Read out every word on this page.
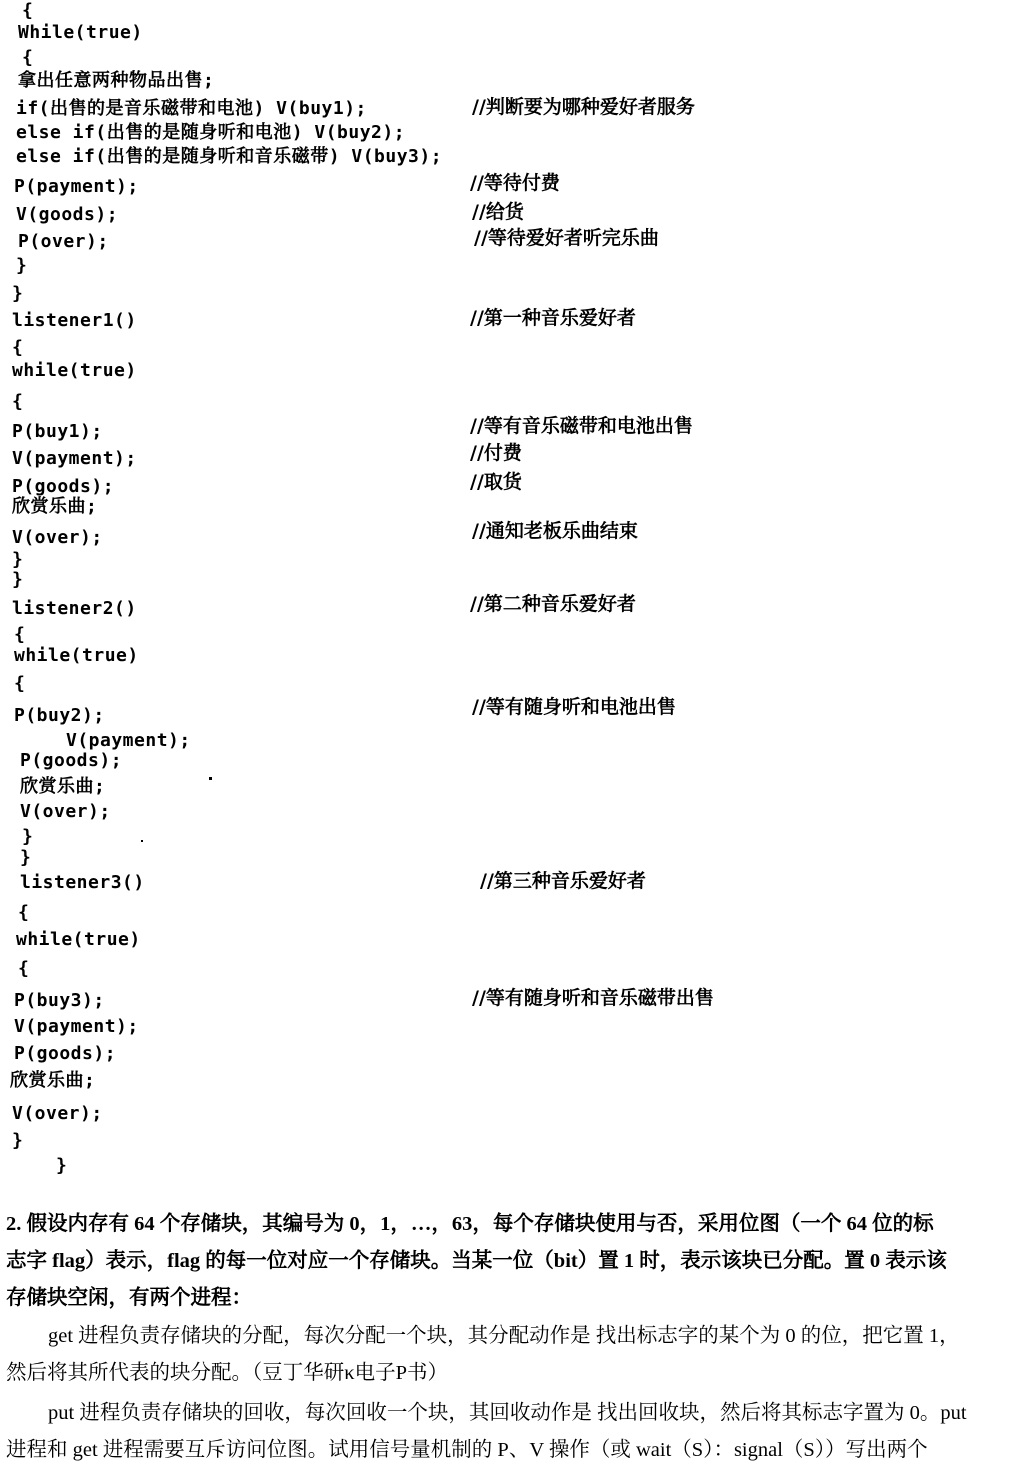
{
While(true)
{
拿出任意两种物品出售;
if(出售的是音乐磁带和电池) V(buy1);
else if(出售的是随身听和电池) V(buy2);
else if(出售的是随身听和音乐磁带) V(buy3);
P(payment);
V(goods);
P(over);
}
}
listener1()
{
while(true)
{
P(buy1);
V(payment);
P(goods);
欣赏乐曲;
V(over);
}
}
listener2()
{
while(true)
{
P(buy2);
V(payment);
P(goods);
欣赏乐曲;
V(over);
}
}
listener3()
{
while(true)
{
P(buy3);
V(payment);
P(goods);
欣赏乐曲;
V(over);
}
}
//判断要为哪种爱好者服务
//等待付费
//给货
//等待爱好者听完乐曲
//第一种音乐爱好者
//等有音乐磁带和电池出售
//付费
//取货
//通知老板乐曲结束
//第二种音乐爱好者
//等有随身听和电池出售
//第三种音乐爱好者
//等有随身听和音乐磁带出售
2. 假设内存有 64 个存储块，其编号为 0，1，…，63，每个存储块使用与否，采用位图（一个 64 位的标
志字 flag）表示，flag 的每一位对应一个存储块。当某一位（bit）置 1 时，表示该块已分配。置 0 表示该
存储块空闲，有两个进程：
get 进程负责存储块的分配，每次分配一个块，其分配动作是 找出标志字的某个为 0 的位，把它置 1，
然后将其所代表的块分配。（豆丁华研κ电子P书）
put 进程负责存储块的回收，每次回收一个块，其回收动作是 找出回收块，然后将其标志字置为 0。put
进程和 get 进程需要互斥访问位图。试用信号量机制的 P、V 操作（或 wait（S）：signal（S））写出两个
